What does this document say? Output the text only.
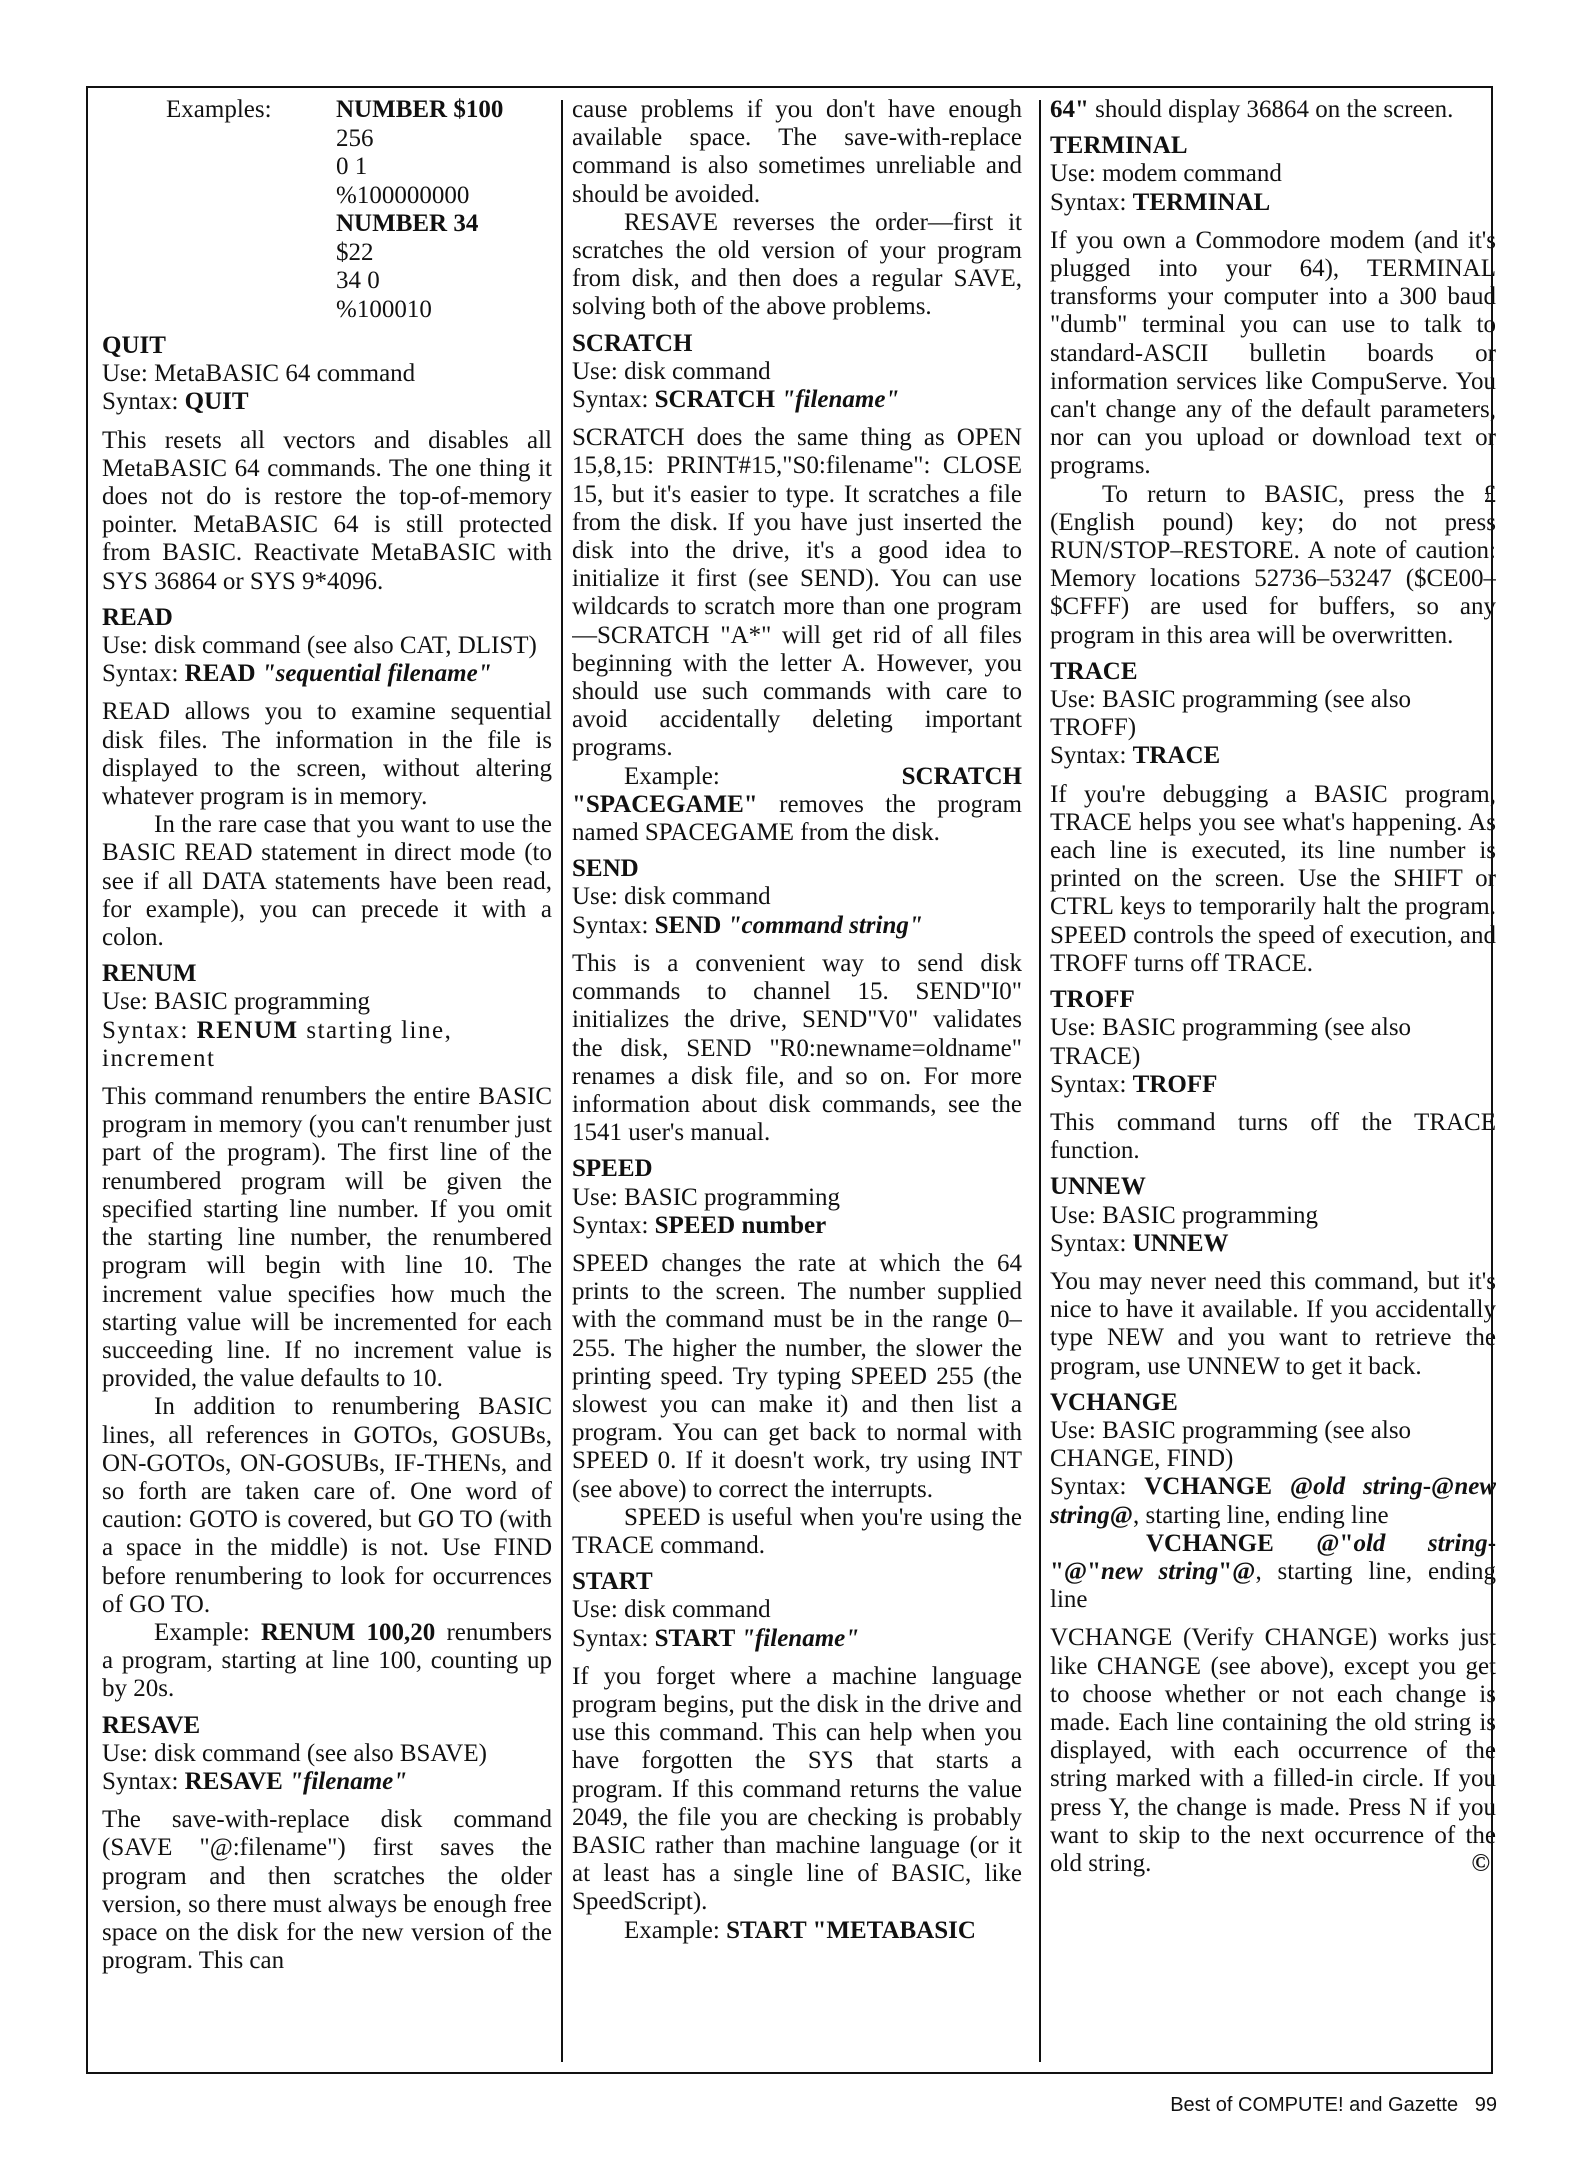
Examples:	NUMBER $100
256
0 1
%100000000
NUMBER 34
$22
34 0
%100010
QUIT
Use: MetaBASIC 64 command
Syntax: QUIT
This resets all vectors and disables all MetaBASIC 64 commands. The one thing it does not do is restore the top-of-memory pointer. MetaBASIC 64 is still protected from BASIC. Reactivate MetaBASIC with SYS 36864 or SYS 9*4096.
READ
Use: disk command (see also CAT, DLIST)
Syntax: READ "sequential filename"
READ allows you to examine sequential disk files. The information in the file is displayed to the screen, without altering whatever program is in memory.
In the rare case that you want to use the BASIC READ statement in direct mode (to see if all DATA statements have been read, for example), you can precede it with a colon.
RENUM
Use: BASIC programming
Syntax: RENUM starting line, increment
This command renumbers the entire BASIC program in memory (you can't renumber just part of the program). The first line of the renumbered program will be given the specified starting line number. If you omit the starting line number, the renumbered program will begin with line 10. The increment value specifies how much the starting value will be incremented for each succeeding line. If no increment value is provided, the value defaults to 10.
In addition to renumbering BASIC lines, all references in GOTOs, GOSUBs, ON-GOTOs, ON-GOSUBs, IF-THENs, and so forth are taken care of. One word of caution: GOTO is covered, but GO TO (with a space in the middle) is not. Use FIND before renumbering to look for occurrences of GO TO.
Example: RENUM 100,20 renumbers a program, starting at line 100, counting up by 20s.
RESAVE
Use: disk command (see also BSAVE)
Syntax: RESAVE "filename"
The save-with-replace disk command (SAVE "@:filename") first saves the program and then scratches the older version, so there must always be enough free space on the disk for the new version of the program. This can
cause problems if you don't have enough available space. The save-with-replace command is also sometimes unreliable and should be avoided.
RESAVE reverses the order—first it scratches the old version of your program from disk, and then does a regular SAVE, solving both of the above problems.
SCRATCH
Use: disk command
Syntax: SCRATCH "filename"
SCRATCH does the same thing as OPEN 15,8,15: PRINT#15,"S0:filename": CLOSE 15, but it's easier to type. It scratches a file from the disk. If you have just inserted the disk into the drive, it's a good idea to initialize it first (see SEND). You can use wildcards to scratch more than one program—SCRATCH "A*" will get rid of all files beginning with the letter A. However, you should use such commands with care to avoid accidentally deleting important programs.
Example: SCRATCH "SPACEGAME" removes the program named SPACEGAME from the disk.
SEND
Use: disk command
Syntax: SEND "command string"
This is a convenient way to send disk commands to channel 15. SEND"I0" initializes the drive, SEND"V0" validates the disk, SEND "R0:newname=oldname" renames a disk file, and so on. For more information about disk commands, see the 1541 user's manual.
SPEED
Use: BASIC programming
Syntax: SPEED number
SPEED changes the rate at which the 64 prints to the screen. The number supplied with the command must be in the range 0–255. The higher the number, the slower the printing speed. Try typing SPEED 255 (the slowest you can make it) and then list a program. You can get back to normal with SPEED 0. If it doesn't work, try using INT (see above) to correct the interrupts.
SPEED is useful when you're using the TRACE command.
START
Use: disk command
Syntax: START "filename"
If you forget where a machine language program begins, put the disk in the drive and use this command. This can help when you have forgotten the SYS that starts a program. If this command returns the value 2049, the file you are checking is probably BASIC rather than machine language (or it at least has a single line of BASIC, like SpeedScript).
Example: START "METABASIC
64" should display 36864 on the screen.
TERMINAL
Use: modem command
Syntax: TERMINAL
If you own a Commodore modem (and it's plugged into your 64), TERMINAL transforms your computer into a 300 baud "dumb" terminal you can use to talk to standard-ASCII bulletin boards or information services like CompuServe. You can't change any of the default parameters, nor can you upload or download text or programs.
To return to BASIC, press the £ (English pound) key; do not press RUN/STOP–RESTORE. A note of caution: Memory locations 52736–53247 ($CE00–$CFFF) are used for buffers, so any program in this area will be overwritten.
TRACE
Use: BASIC programming (see also TROFF)
Syntax: TRACE
If you're debugging a BASIC program, TRACE helps you see what's happening. As each line is executed, its line number is printed on the screen. Use the SHIFT or CTRL keys to temporarily halt the program. SPEED controls the speed of execution, and TROFF turns off TRACE.
TROFF
Use: BASIC programming (see also TRACE)
Syntax: TROFF
This command turns off the TRACE function.
UNNEW
Use: BASIC programming
Syntax: UNNEW
You may never need this command, but it's nice to have it available. If you accidentally type NEW and you want to retrieve the program, use UNNEW to get it back.
VCHANGE
Use: BASIC programming (see also CHANGE, FIND)
Syntax: VCHANGE @old string-@new string@, starting line, ending line
VCHANGE @"old string-"@"new string"@, starting line, ending line
VCHANGE (Verify CHANGE) works just like CHANGE (see above), except you get to choose whether or not each change is made. Each line containing the old string is displayed, with each occurrence of the string marked with a filled-in circle. If you press Y, the change is made. Press N if you want to skip to the next occurrence of the old string.	©
Best of COMPUTE! and Gazette 99
